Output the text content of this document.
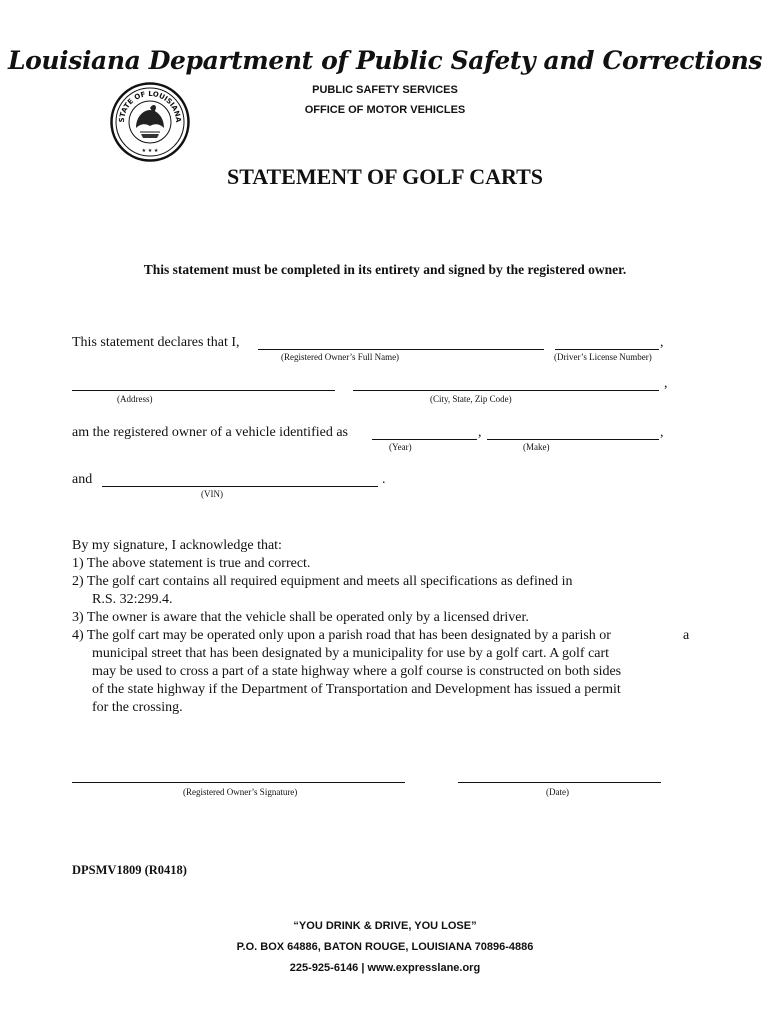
Louisiana Department of Public Safety and Corrections
STATE OF LOUISIANA
★ ★ ★
PUBLIC SAFETY SERVICES
OFFICE OF MOTOR VEHICLES
STATEMENT OF GOLF CARTS
This statement must be completed in its entirety and signed by the registered owner.
This statement declares that I,	,
(Registered Owner’s Full Name)	(Driver’s License Number)
,
(Address)	(City, State, Zip Code)
am the registered owner of a vehicle identified as	,	,
(Year)	(Make)
and	.
(VIN)
By my signature, I acknowledge that:
1) The above statement is true and correct.
2) The golf cart contains all required equipment and meets all specifications as defined in
R.S. 32:299.4.
3) The owner is aware that the vehicle shall be operated only by a licensed driver.
4) The golf cart may be operated only upon a parish road that has been designated by a parish or	a
municipal street that has been designated by a municipality for use by a golf cart. A golf cart
may be used to cross a part of a state highway where a golf course is constructed on both sides
of the state highway if the Department of Transportation and Development has issued a permit
for the crossing.
(Registered Owner’s Signature)	(Date)
DPSMV1809 (R0418)
“YOU DRINK & DRIVE, YOU LOSE”
P.O. BOX 64886, BATON ROUGE, LOUISIANA 70896-4886
225-925-6146 | www.expresslane.org
